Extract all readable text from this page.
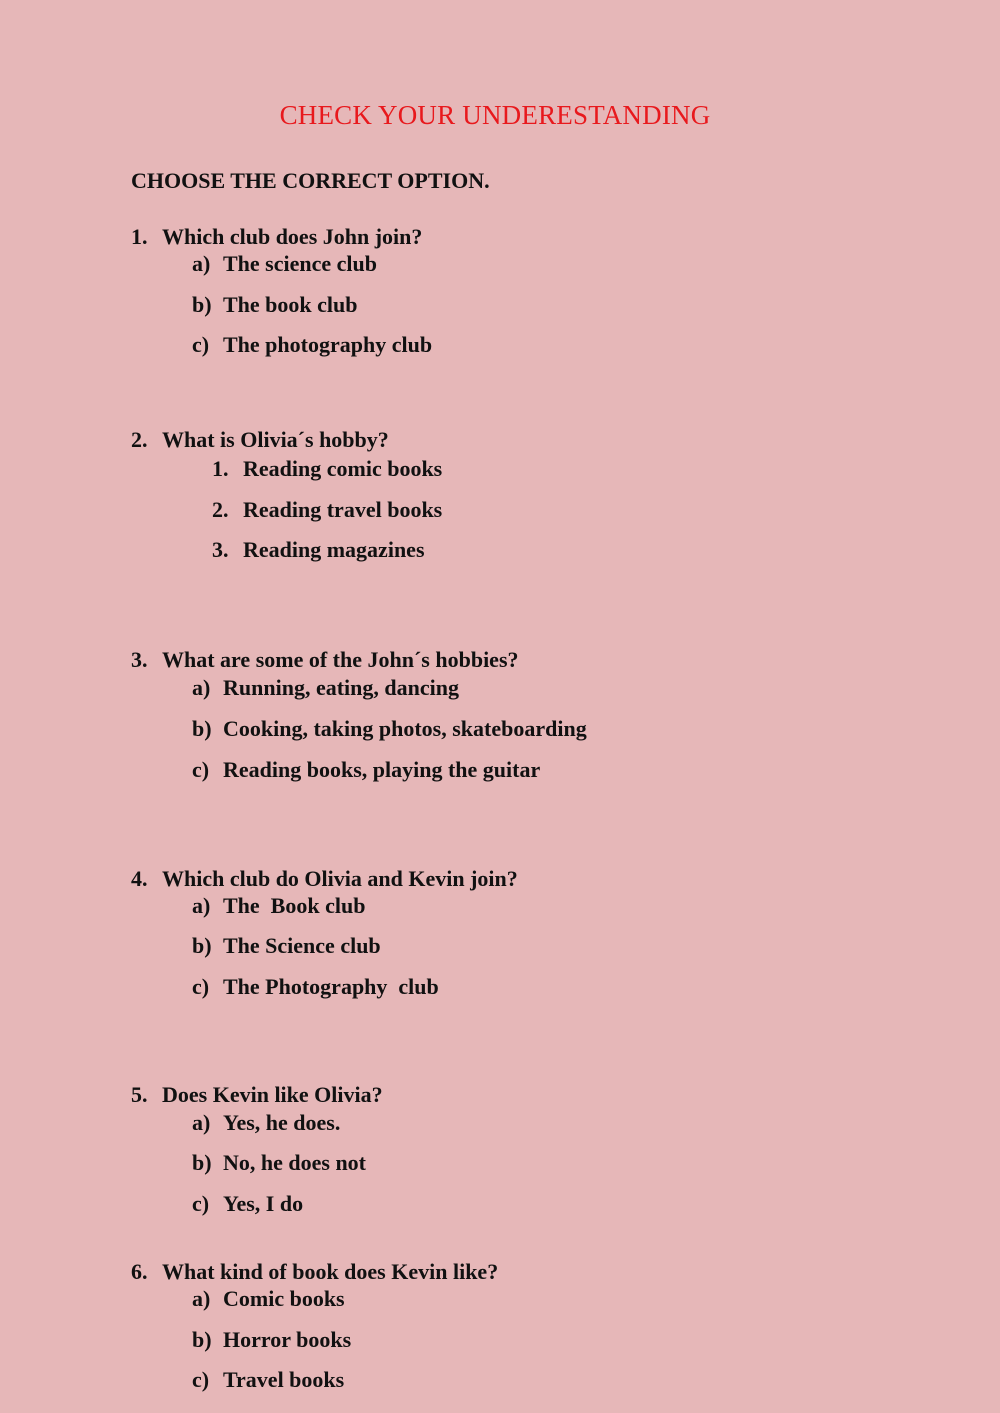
CHECK YOUR UNDERESTANDING
CHOOSE THE CORRECT OPTION.
1. Which club does John join?
a) The science club
b) The book club
c) The photography club
2. What is Olivia´s hobby?
1. Reading comic books
2. Reading travel books
3. Reading magazines
3. What are some of the John´s hobbies?
a) Running, eating, dancing
b) Cooking, taking photos, skateboarding
c) Reading books, playing the guitar
4. Which club do Olivia and Kevin join?
a) The  Book club
b) The Science club
c) The Photography  club
5. Does Kevin like Olivia?
a) Yes, he does.
b) No, he does not
c) Yes, I do
6. What kind of book does Kevin like?
a) Comic books
b) Horror books
c) Travel books
